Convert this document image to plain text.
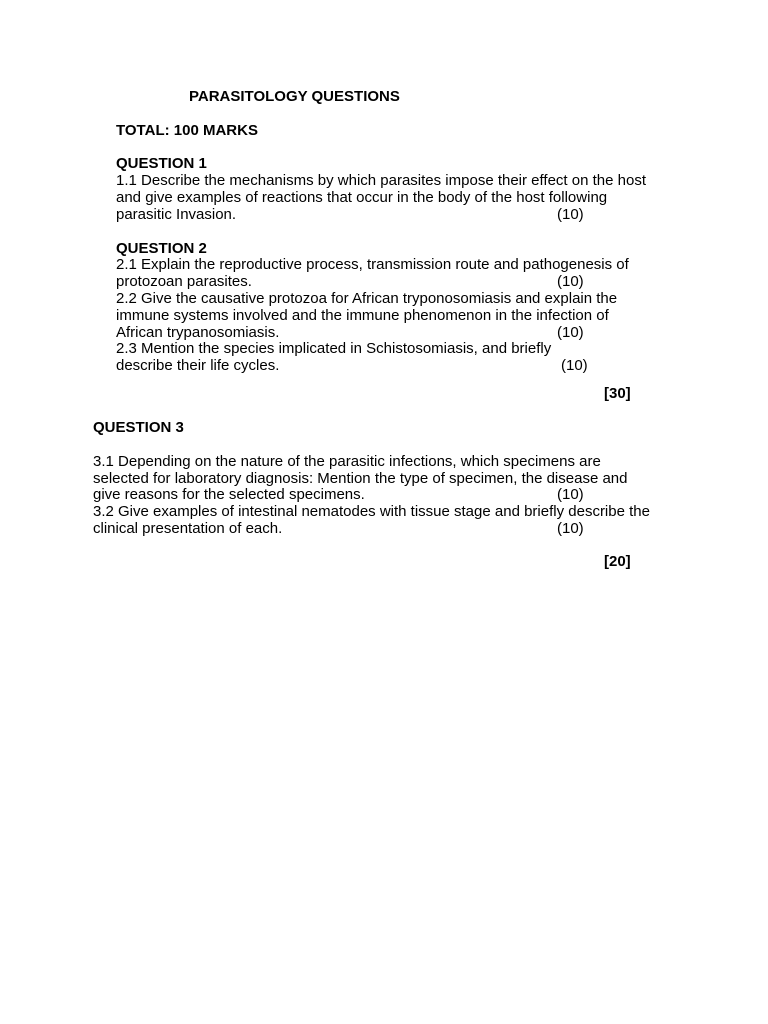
PARASITOLOGY QUESTIONS
TOTAL: 100 MARKS
QUESTION 1
1.1 Describe the mechanisms by which parasites impose their effect on the host
and give examples of reactions that occur in the body of the host following
parasitic Invasion.	(10)
QUESTION 2
2.1 Explain the reproductive process, transmission route and pathogenesis of
protozoan parasites.	(10)
2.2 Give the causative protozoa for African tryponosomiasis and explain the
immune systems involved and the immune phenomenon in the infection of
African trypanosomiasis.	(10)
2.3 Mention the species implicated in Schistosomiasis, and briefly
describe their life cycles.	(10)
[30]
QUESTION 3
3.1 Depending on the nature of the parasitic infections, which specimens are
selected for laboratory diagnosis: Mention the type of specimen, the disease and
give reasons for the selected specimens.	(10)
3.2 Give examples of intestinal nematodes with tissue stage and briefly describe the
clinical presentation of each.	(10)
[20]
